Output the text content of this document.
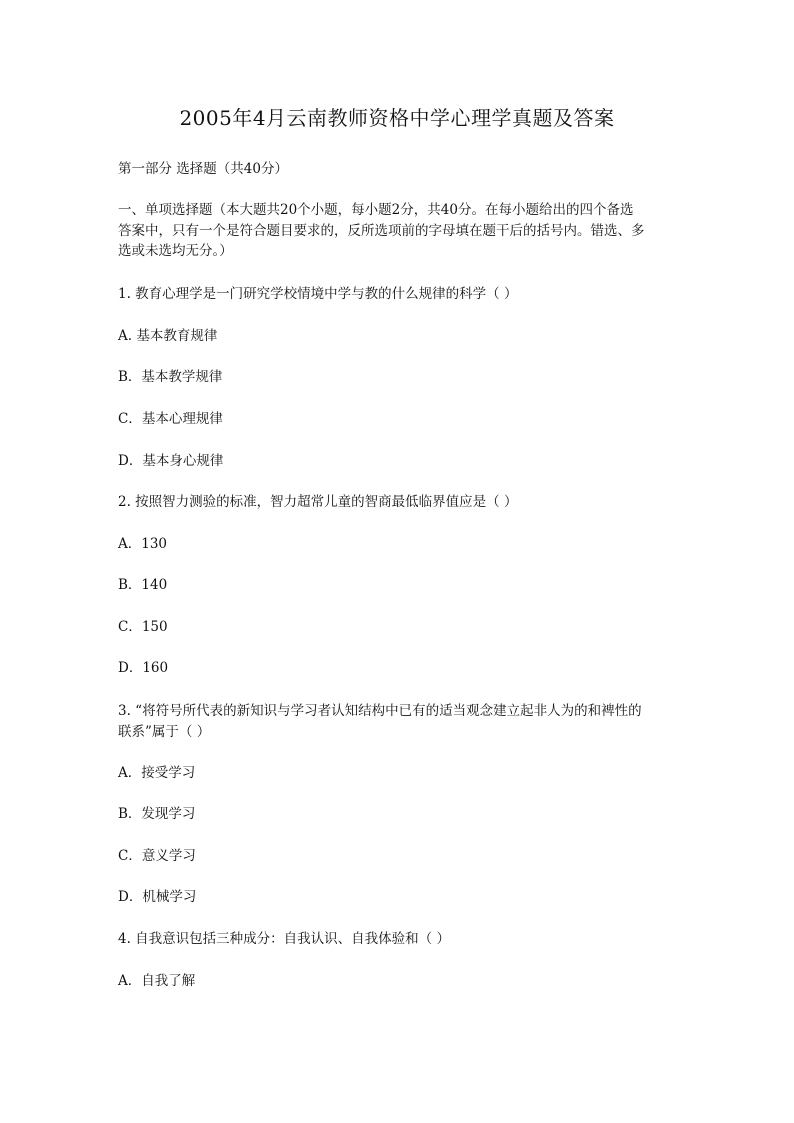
2005年4月云南教师资格中学心理学真题及答案
第一部分 选择题（共40分）
一、单项选择题（本大题共20个小题，每小题2分，共40分。在每小题给出的四个备选
答案中，只有一个是符合题目要求的，反所选项前的字母填在题干后的括号内。错选、多
选或未选均无分。）
1. 教育心理学是一门研究学校情境中学与教的什么规律的科学（ ）
A. 基本教育规律
B．基本教学规律
C．基本心理规律
D．基本身心规律
2. 按照智力测验的标准，智力超常儿童的智商最低临界值应是（ ）
A．130
B．140
C．150
D．160
3. “将符号所代表的新知识与学习者认知结构中已有的适当观念建立起非人为的和裨性的
联系”属于（ ）
A．接受学习
B．发现学习
C．意义学习
D．机械学习
4. 自我意识包括三种成分：自我认识、自我体验和（ ）
A．自我了解
